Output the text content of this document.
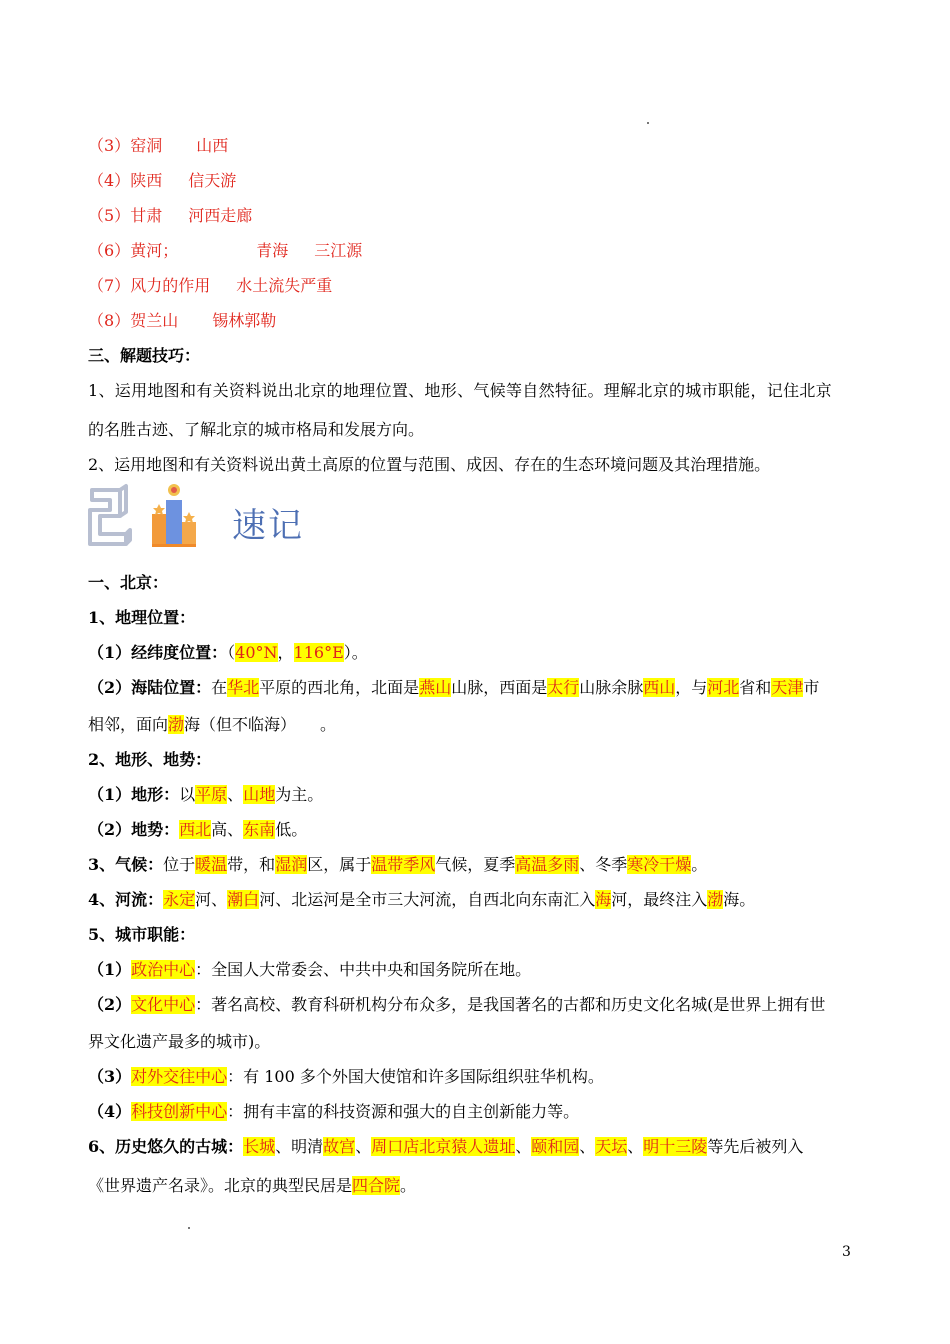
（3）窑洞 山西
（4）陕西 信天游
（5）甘肃 河西走廊
（6）黄河；	青海 三江源
（7）风力的作用 水土流失严重
（8）贺兰山 锡林郭勒
三、解题技巧：
1、运用地图和有关资料说出北京的地理位置、地形、气候等自然特征。理解北京的城市职能，记住北京
的名胜古迹、了解北京的城市格局和发展方向。
2、运用地图和有关资料说出黄土高原的位置与范围、成因、存在的生态环境问题及其治理措施。
速记
一、北京：
1、地理位置：
（1）经纬度位置：（40°N，116°E）。
（2）海陆位置：在华北平原的西北角，北面是燕山山脉，西面是太行山脉余脉西山，与河北省和天津市
相邻，面向渤海（但不临海） 。
2、地形、地势：
（1）地形：以平原、山地为主。
（2）地势：西北高、东南低。
3、气候：位于暖温带，和湿润区，属于温带季风气候，夏季高温多雨、冬季寒冷干燥。
4、河流：永定河、潮白河、北运河是全市三大河流，自西北向东南汇入海河，最终注入渤海。
5、城市职能：
（1）政治中心：全国人大常委会、中共中央和国务院所在地。
（2）文化中心：著名高校、教育科研机构分布众多，是我国著名的古都和历史文化名城(是世界上拥有世
界文化遗产最多的城市)。
（3）对外交往中心：有 100 多个外国大使馆和许多国际组织驻华机构。
（4）科技创新中心：拥有丰富的科技资源和强大的自主创新能力等。
6、历史悠久的古城：长城、明清故宫、周口店北京猿人遗址、颐和园、天坛、明十三陵等先后被列入
《世界遗产名录》。北京的典型民居是四合院。
3
